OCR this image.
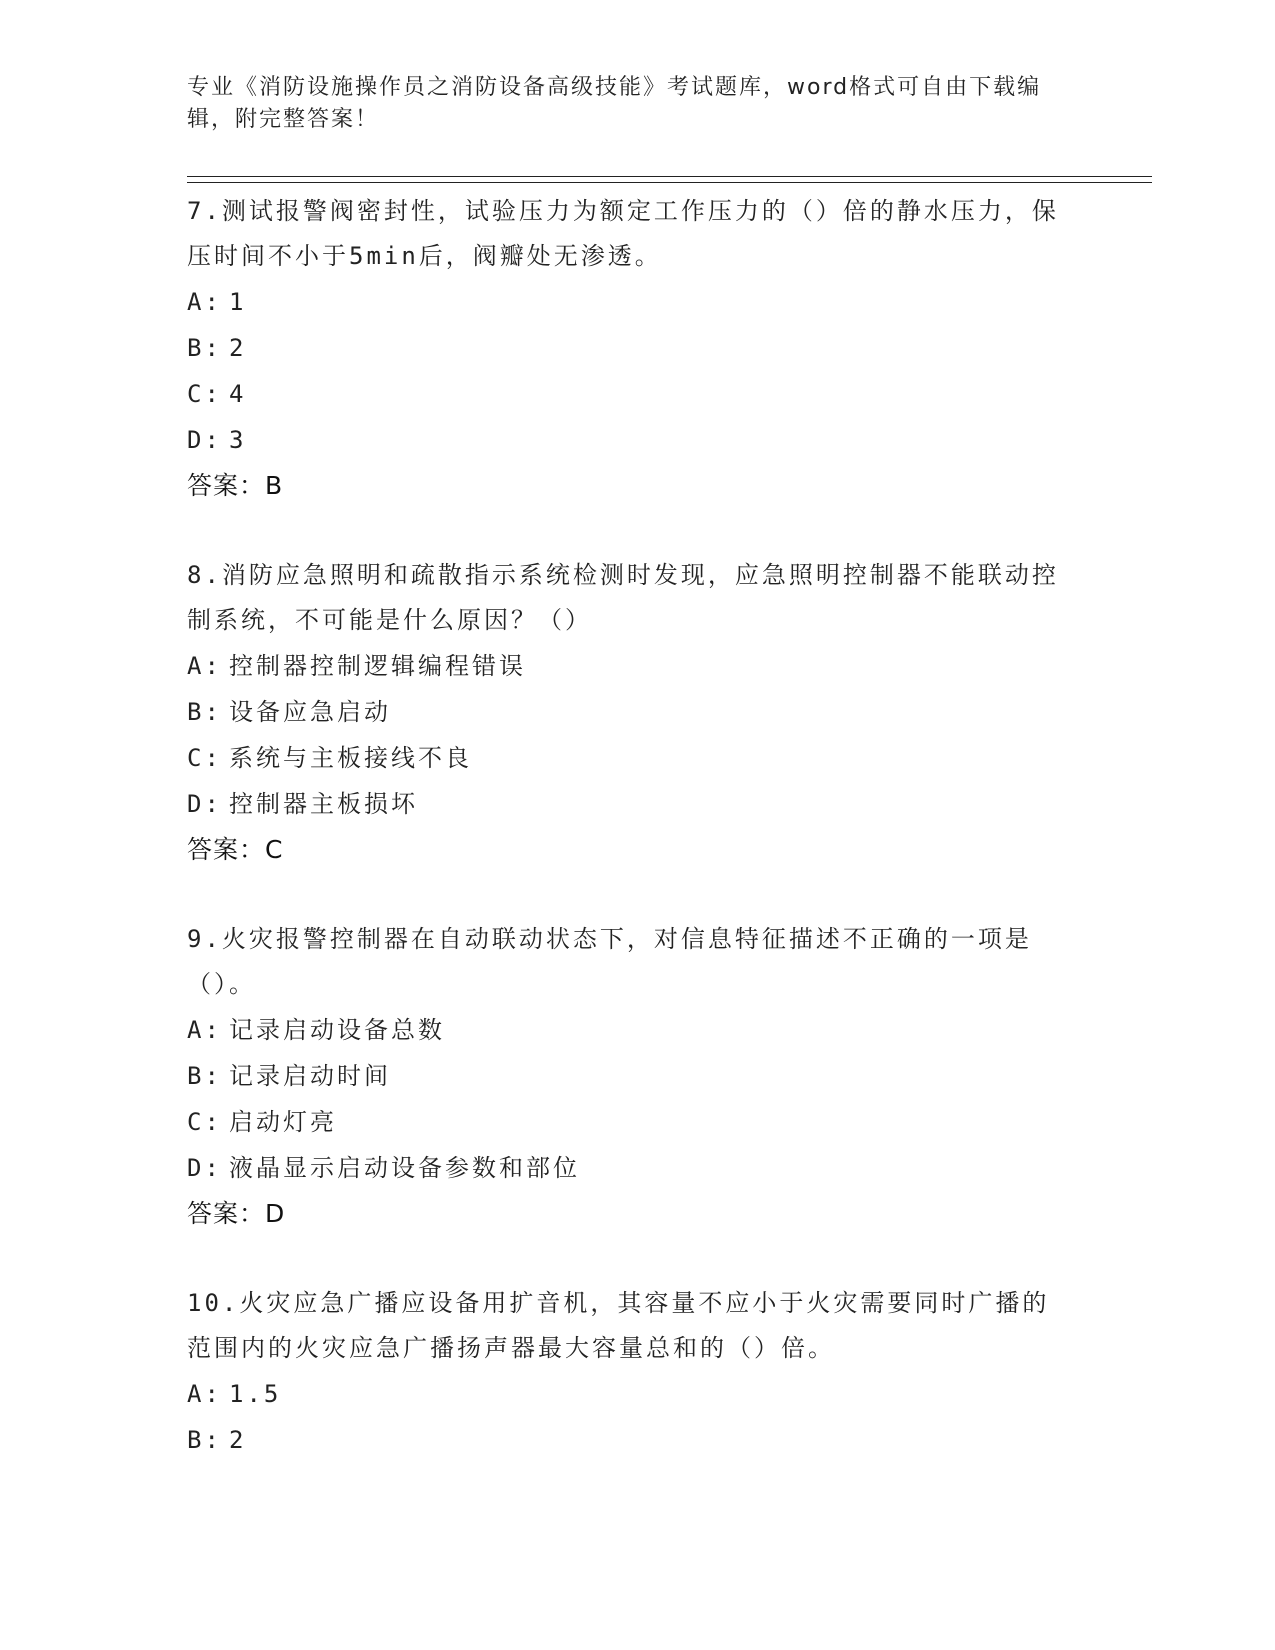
专业《消防设施操作员之消防设备高级技能》考试题库，word格式可自由下载编辑，附完整答案！
7.测试报警阀密封性，试验压力为额定工作压力的（）倍的静水压力，保压时间不小于5min后，阀瓣处无渗透。
A: 1
B: 2
C: 4
D: 3
答案：B
8.消防应急照明和疏散指示系统检测时发现，应急照明控制器不能联动控制系统，不可能是什么原因？（）
A: 控制器控制逻辑编程错误
B: 设备应急启动
C: 系统与主板接线不良
D: 控制器主板损坏
答案：C
9.火灾报警控制器在自动联动状态下，对信息特征描述不正确的一项是（）。
A: 记录启动设备总数
B: 记录启动时间
C: 启动灯亮
D: 液晶显示启动设备参数和部位
答案：D
10.火灾应急广播应设备用扩音机，其容量不应小于火灾需要同时广播的范围内的火灾应急广播扬声器最大容量总和的（）倍。
A: 1.5
B: 2
